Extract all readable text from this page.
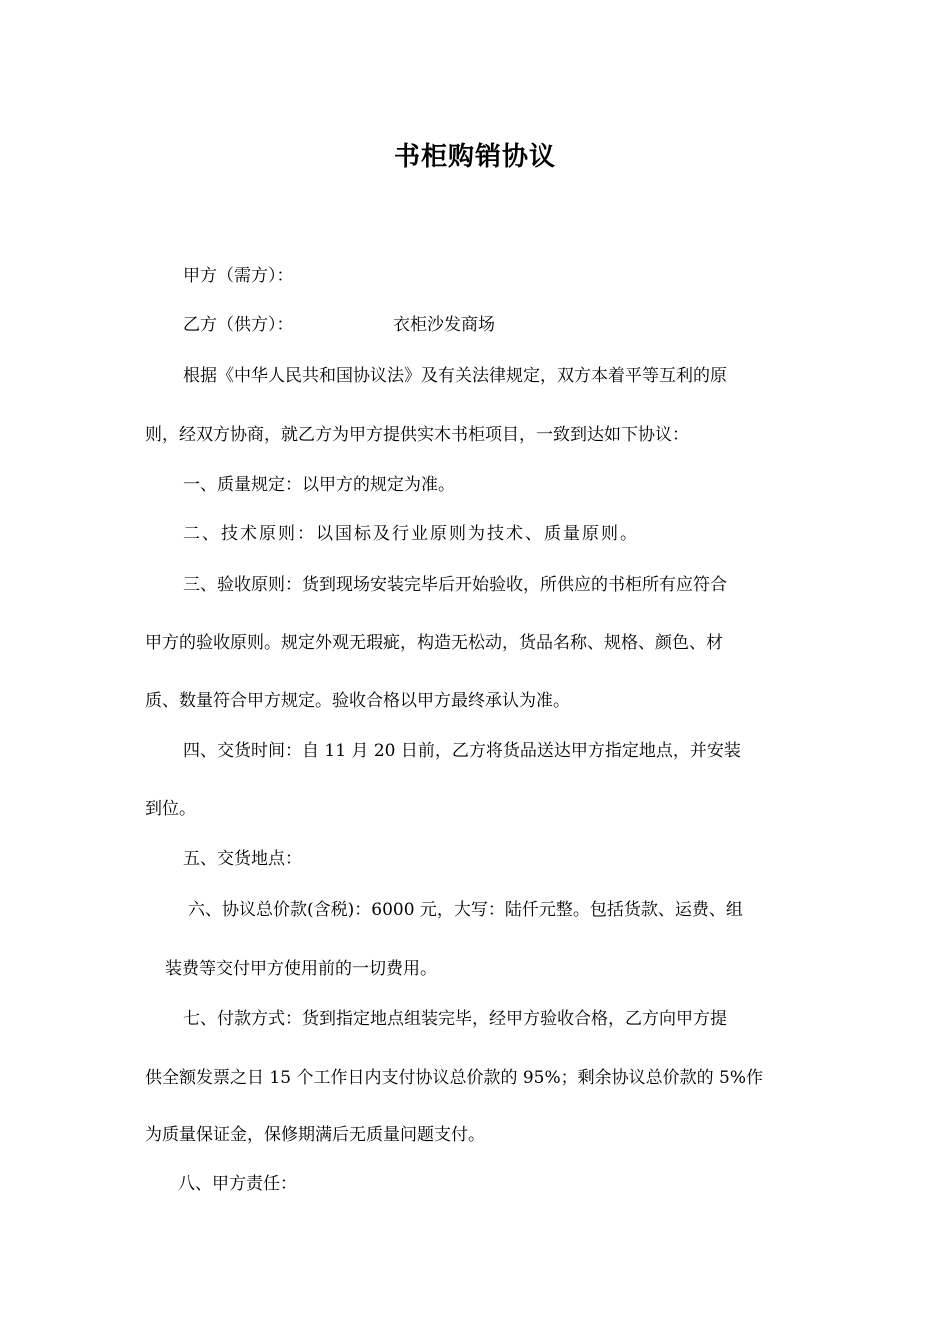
书柜购销协议
甲方（需方）：
乙方（供方）：	衣柜沙发商场
根据《中华人民共和国协议法》及有关法律规定，双方本着平等互利的原
则，经双方协商，就乙方为甲方提供实木书柜项目，一致到达如下协议：
一、质量规定：以甲方的规定为准。
二、技术原则：以国标及行业原则为技术、质量原则。
三、验收原则：货到现场安装完毕后开始验收，所供应的书柜所有应符合
甲方的验收原则。规定外观无瑕疵，构造无松动，货品名称、规格、颜色、材
质、数量符合甲方规定。验收合格以甲方最终承认为准。
四、交货时间：自 11 月 20 日前，乙方将货品送达甲方指定地点，并安装
到位。
五、交货地点：
六、协议总价款(含税)：6000 元，大写：陆仟元整。包括货款、运费、组
装费等交付甲方使用前的一切费用。
七、付款方式：货到指定地点组装完毕，经甲方验收合格，乙方向甲方提
供全额发票之日 15 个工作日内支付协议总价款的 95%；剩余协议总价款的 5%作
为质量保证金，保修期满后无质量问题支付。
八、甲方责任：
